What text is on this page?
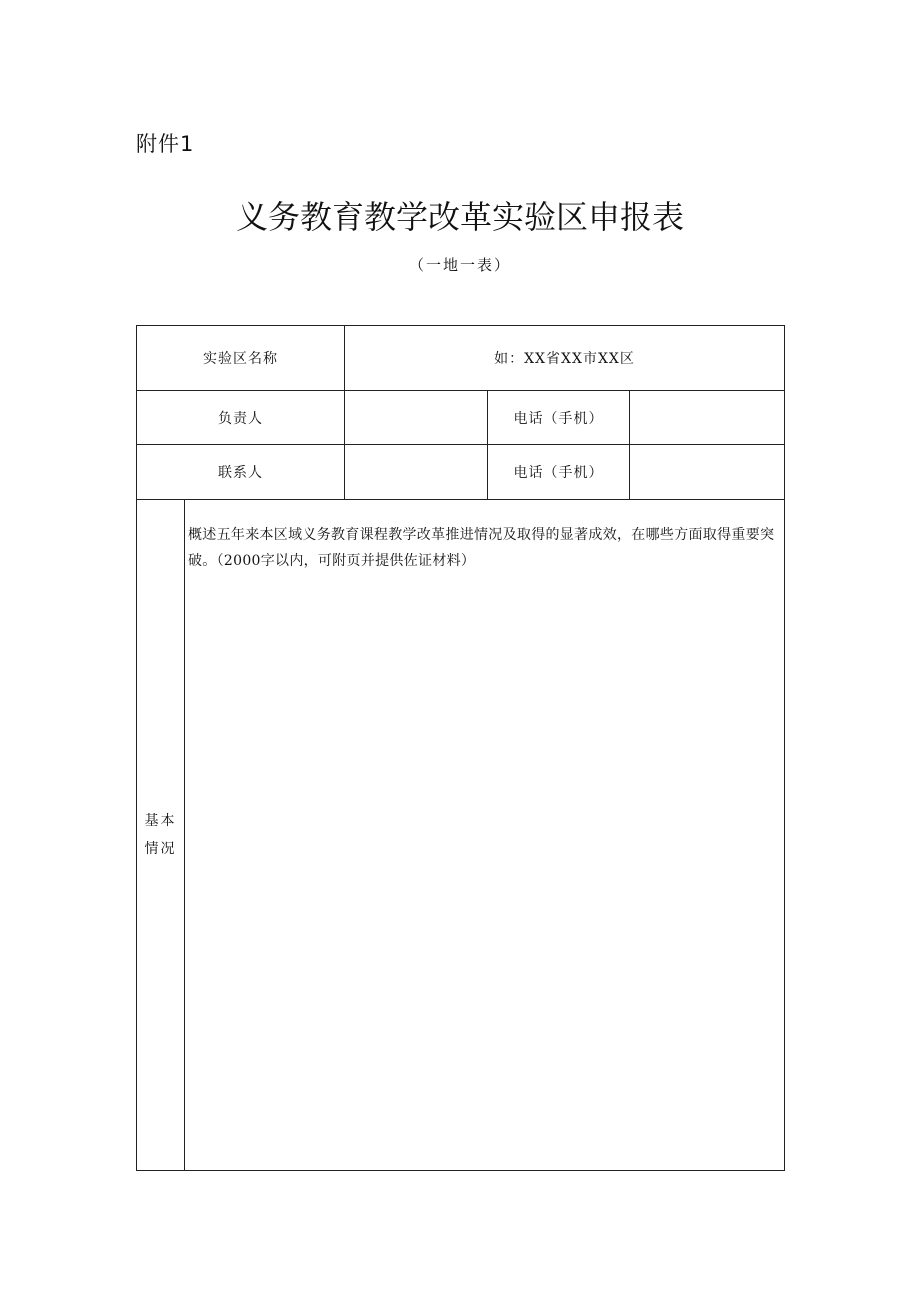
附件1
义务教育教学改革实验区申报表
（一地一表）
实验区名称		如：XX省XX市XX区		
负责人			电话（手机）	
联系人			电话（手机）	

基本情况	概述五年来本区域义务教育课程教学改革推进情况及取得的显著成效，在哪些方面取得重要突破。（2000字以内，可附页并提供佐证材料）			
